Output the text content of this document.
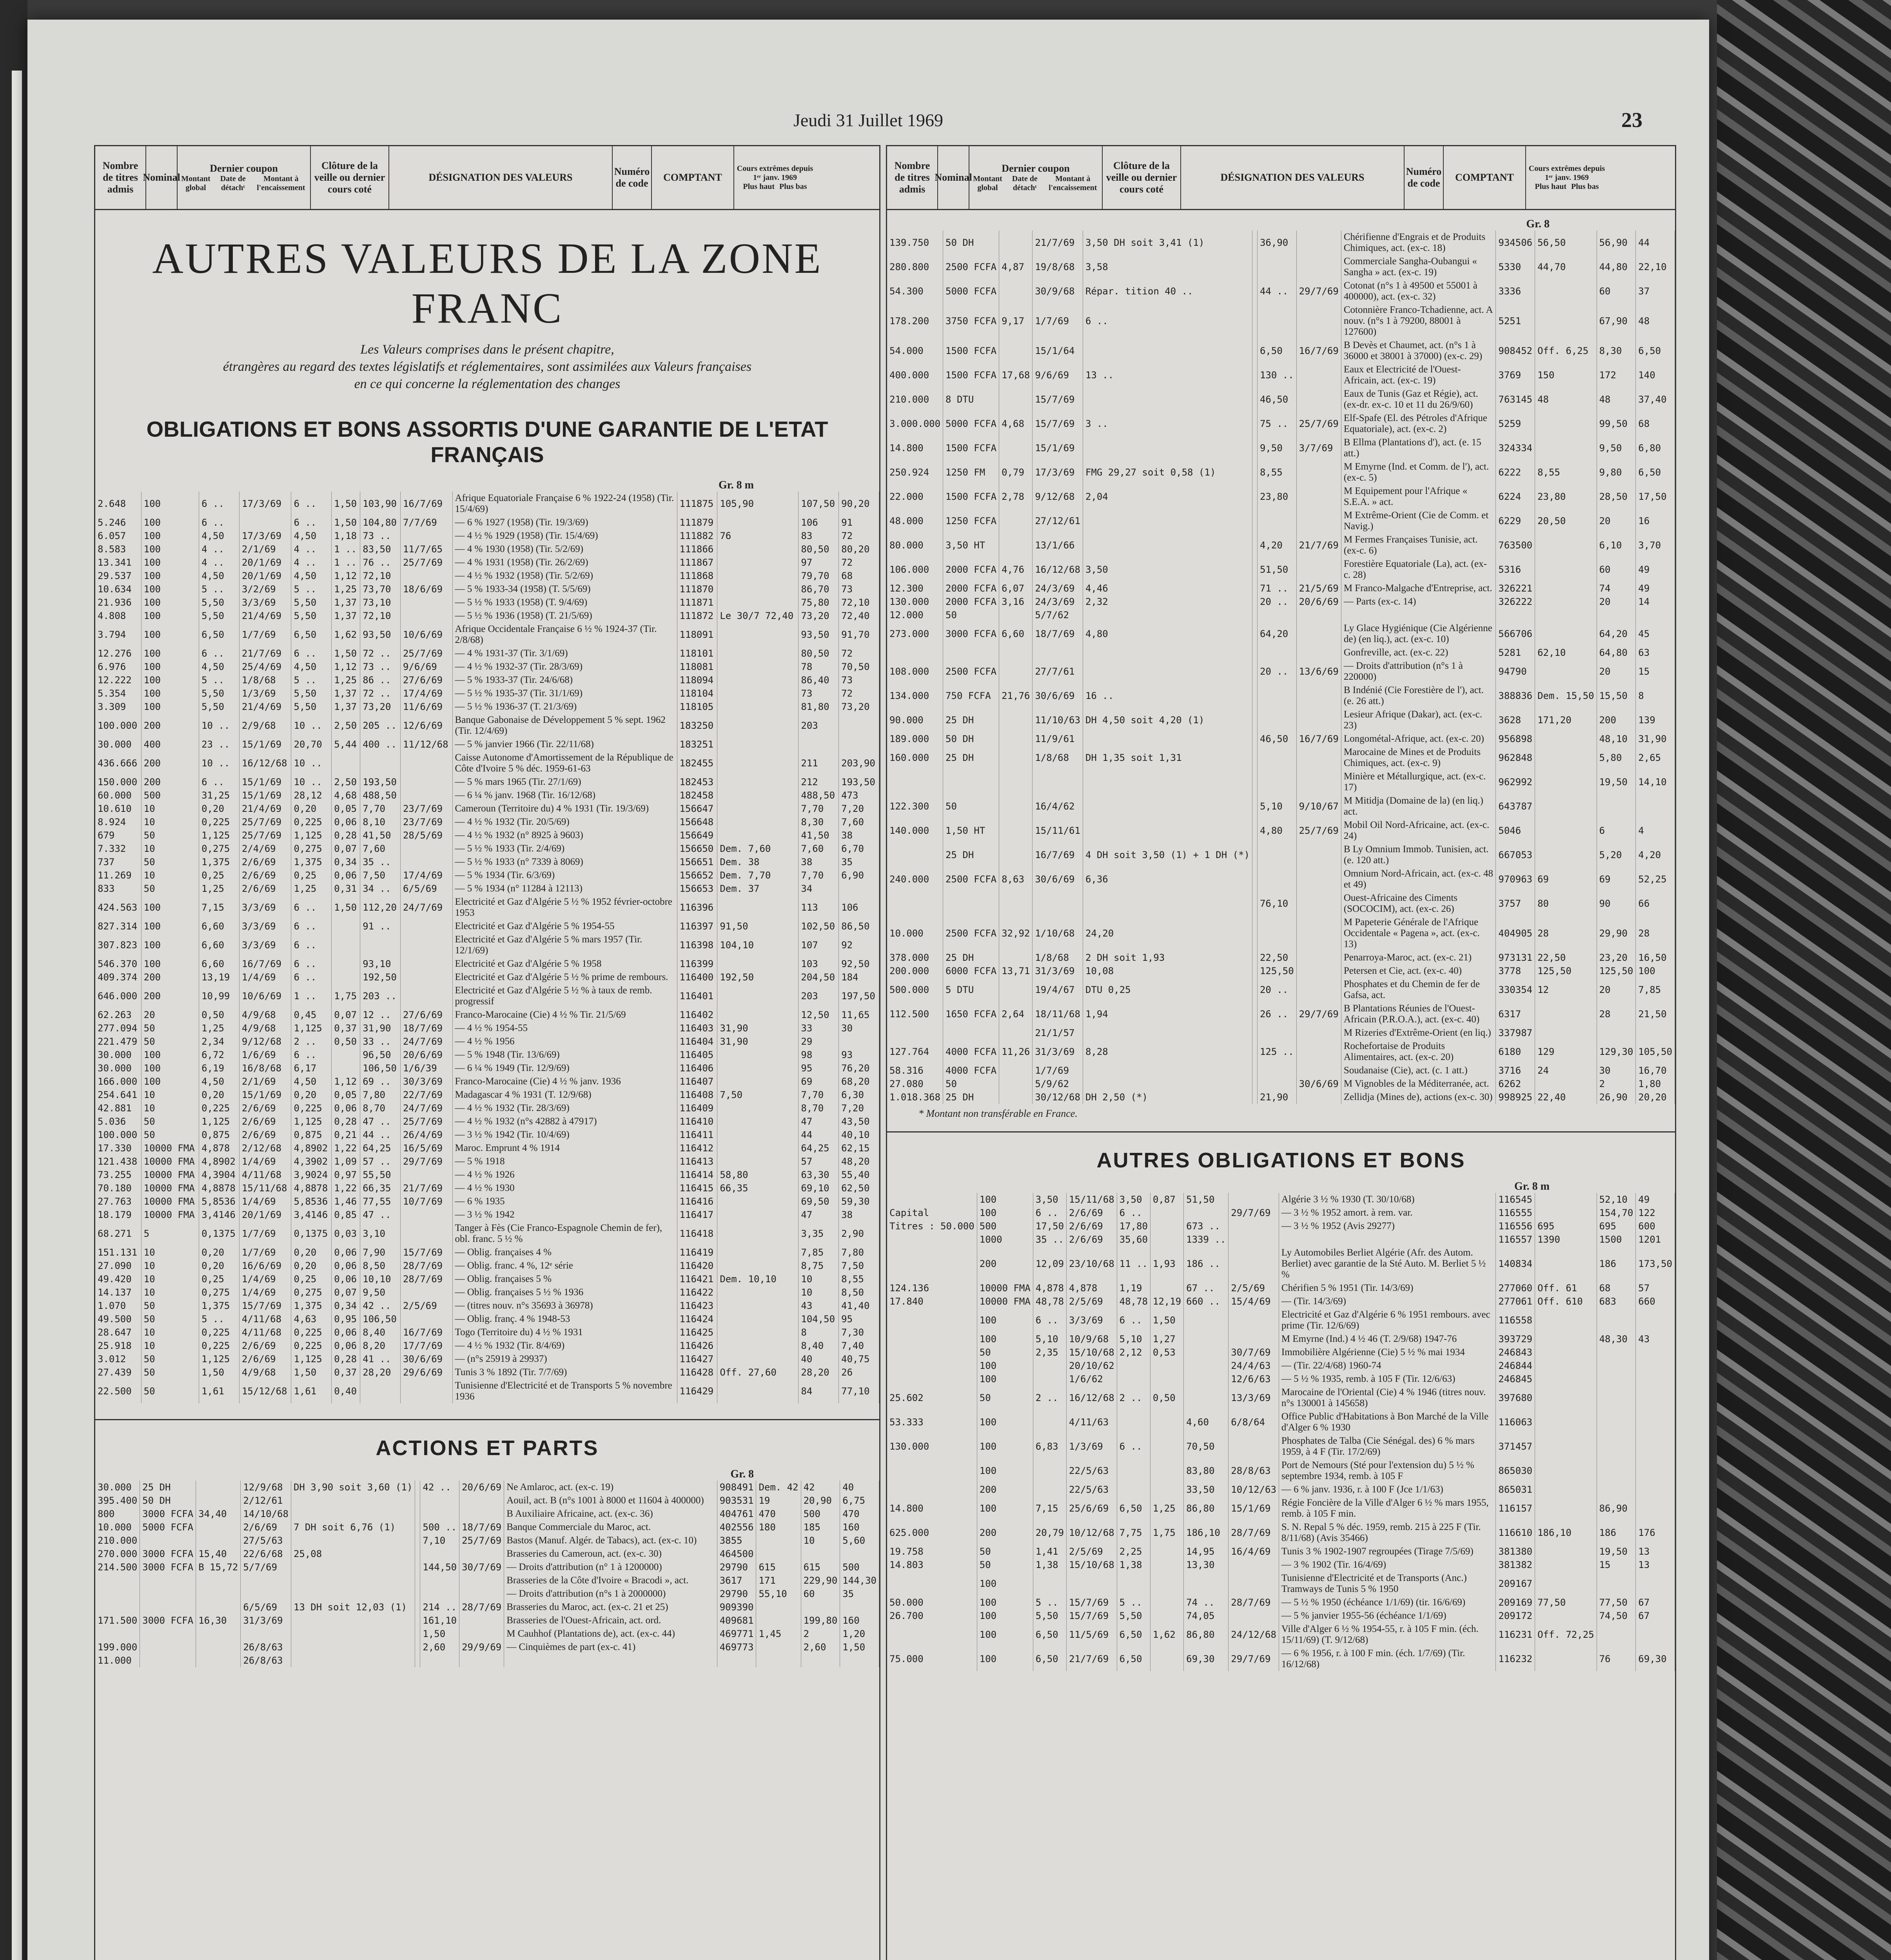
Jeudi 31 Juillet 1969	23
Nombre de titres admis
Nominal
Dernier coupon
Montant global
Date de détachᵗ
Montant à l'encaissement
Clôture de la veille ou dernier cours coté
DÉSIGNATION DES VALEURS
Numéro de code
COMPTANT
Cours extrêmes depuis 1ᵉʳ janv. 1969
Plus haut Plus bas
AUTRES VALEURS DE LA ZONE FRANC
Les Valeurs comprises dans le présent chapitre,
étrangères au regard des textes législatifs et réglementaires, sont assimilées aux Valeurs françaises
en ce qui concerne la réglementation des changes
OBLIGATIONS ET BONS ASSORTIS D'UNE GARANTIE DE L'ETAT FRANÇAIS
Gr. 8 m
2.648	100	6 ..	17/3/69	6 ..	1,50	103,90	16/7/69	Afrique Equatoriale Française 6 % 1922-24 (1958) (Tir. 15/4/69)	111875	105,90	107,50	90,20
5.246	100	6 ..		6 ..	1,50	104,80	7/7/69	— 6 % 1927 (1958) (Tir. 19/3/69)	111879		106	91
6.057	100	4,50	17/3/69	4,50	1,18	73 ..		— 4 ½ % 1929 (1958) (Tir. 15/4/69)	111882	76	83	72
8.583	100	4 ..	2/1/69	4 ..	1 ..	83,50	11/7/65	— 4 % 1930 (1958) (Tir. 5/2/69)	111866		80,50	80,20
13.341	100	4 ..	20/1/69	4 ..	1 ..	76 ..	25/7/69	— 4 % 1931 (1958) (Tir. 26/2/69)	111867		97	72
29.537	100	4,50	20/1/69	4,50	1,12	72,10		— 4 ½ % 1932 (1958) (Tir. 5/2/69)	111868		79,70	68
10.634	100	5 ..	3/2/69	5 ..	1,25	73,70	18/6/69	— 5 % 1933-34 (1958) (T. 5/5/69)	111870		86,70	73
21.936	100	5,50	3/3/69	5,50	1,37	73,10		— 5 ½ % 1933 (1958) (T. 9/4/69)	111871		75,80	72,10
4.808	100	5,50	21/4/69	5,50	1,37	72,10		— 5 ½ % 1936 (1958) (T. 21/5/69)	111872	Le 30/7 72,40	73,20	72,40
3.794	100	6,50	1/7/69	6,50	1,62	93,50	10/6/69	Afrique Occidentale Française 6 ½ % 1924-37 (Tir. 2/8/68)	118091		93,50	91,70
12.276	100	6 ..	21/7/69	6 ..	1,50	72 ..	25/7/69	— 4 % 1931-37 (Tir. 3/1/69)	118101		80,50	72
6.976	100	4,50	25/4/69	4,50	1,12	73 ..	9/6/69	— 4 ½ % 1932-37 (Tir. 28/3/69)	118081		78	70,50
12.222	100	5 ..	1/8/68	5 ..	1,25	86 ..	27/6/69	— 5 % 1933-37 (Tir. 24/6/68)	118094		86,40	73
5.354	100	5,50	1/3/69	5,50	1,37	72 ..	17/4/69	— 5 ½ % 1935-37 (Tir. 31/1/69)	118104		73	72
3.309	100	5,50	21/4/69	5,50	1,37	73,20	11/6/69	— 5 ½ % 1936-37 (T. 21/3/69)	118105		81,80	73,20
100.000	200	10 ..	2/9/68	10 ..	2,50	205 ..	12/6/69	Banque Gabonaise de Développement 5 % sept. 1962 (Tir. 12/4/69)	183250		203	
30.000	400	23 ..	15/1/69	20,70	5,44	400 ..	11/12/68	— 5 % janvier 1966 (Tir. 22/11/68)	183251			
436.666	200	10 ..	16/12/68	10 ..				Caisse Autonome d'Amortissement de la République de Côte d'Ivoire 5 % déc. 1959-61-63	182455		211	203,90
150.000	200	6 ..	15/1/69	10 ..	2,50	193,50		— 5 % mars 1965 (Tir. 27/1/69)	182453		212	193,50
60.000	500	31,25	15/1/69	28,12	4,68	488,50		— 6 ¼ % janv. 1968 (Tir. 16/12/68)	182458		488,50	473
10.610	10	0,20	21/4/69	0,20	0,05	7,70	23/7/69	Cameroun (Territoire du) 4 % 1931 (Tir. 19/3/69)	156647		7,70	7,20
8.924	10	0,225	25/7/69	0,225	0,06	8,10	23/7/69	— 4 ½ % 1932 (Tir. 20/5/69)	156648		8,30	7,60
679	50	1,125	25/7/69	1,125	0,28	41,50	28/5/69	— 4 ½ % 1932 (n° 8925 à 9603)	156649		41,50	38
7.332	10	0,275	2/4/69	0,275	0,07	7,60		— 5 ½ % 1933 (Tir. 2/4/69)	156650	Dem. 7,60	7,60	6,70
737	50	1,375	2/6/69	1,375	0,34	35 ..		— 5 ½ % 1933 (n° 7339 à 8069)	156651	Dem. 38	38	35
11.269	10	0,25	2/6/69	0,25	0,06	7,50	17/4/69	— 5 % 1934 (Tir. 6/3/69)	156652	Dem. 7,70	7,70	6,90
833	50	1,25	2/6/69	1,25	0,31	34 ..	6/5/69	— 5 % 1934 (n° 11284 à 12113)	156653	Dem. 37	34	
424.563	100	7,15	3/3/69	6 ..	1,50	112,20	24/7/69	Electricité et Gaz d'Algérie 5 ½ % 1952 février-octobre 1953	116396		113	106
827.314	100	6,60	3/3/69	6 ..		91 ..		Electricité et Gaz d'Algérie 5 % 1954-55	116397	91,50	102,50	86,50
307.823	100	6,60	3/3/69	6 ..				Electricité et Gaz d'Algérie 5 % mars 1957 (Tir. 12/1/69)	116398	104,10	107	92
546.370	100	6,60	16/7/69	6 ..		93,10		Electricité et Gaz d'Algérie 5 % 1958	116399		103	92,50
409.374	200	13,19	1/4/69	6 ..		192,50		Electricité et Gaz d'Algérie 5 ½ % prime de rembours.	116400	192,50	204,50	184
646.000	200	10,99	10/6/69	1 ..	1,75	203 ..		Electricité et Gaz d'Algérie 5 ½ % à taux de remb. progressif	116401		203	197,50
62.263	20	0,50	4/9/68	0,45	0,07	12 ..	27/6/69	Franco-Marocaine (Cie) 4 ½ % Tir. 21/5/69	116402		12,50	11,65
277.094	50	1,25	4/9/68	1,125	0,37	31,90	18/7/69	— 4 ½ % 1954-55	116403	31,90	33	30
221.479	50	2,34	9/12/68	2 ..	0,50	33 ..	24/7/69	— 4 ½ % 1956	116404	31,90	29	
30.000	100	6,72	1/6/69	6 ..		96,50	20/6/69	— 5 % 1948 (Tir. 13/6/69)	116405		98	93
30.000	100	6,19	16/8/68	6,17		106,50	1/6/39	— 6 ¼ % 1949 (Tir. 12/9/69)	116406		95	76,20
166.000	100	4,50	2/1/69	4,50	1,12	69 ..	30/3/69	Franco-Marocaine (Cie) 4 ½ % janv. 1936	116407		69	68,20
254.641	10	0,20	15/1/69	0,20	0,05	7,80	22/7/69	Madagascar 4 % 1931 (T. 12/9/68)	116408	7,50	7,70	6,30
42.881	10	0,225	2/6/69	0,225	0,06	8,70	24/7/69	— 4 ½ % 1932 (Tir. 28/3/69)	116409		8,70	7,20
5.036	50	1,125	2/6/69	1,125	0,28	47 ..	25/7/69	— 4 ½ % 1932 (n°s 42882 à 47917)	116410		47	43,50
100.000	50	0,875	2/6/69	0,875	0,21	44 ..	26/4/69	— 3 ½ % 1942 (Tir. 10/4/69)	116411		44	40,10
17.330	10000 FMA	4,878	2/12/68	4,8902	1,22	64,25	16/5/69	Maroc. Emprunt 4 % 1914	116412		64,25	62,15
121.438	10000 FMA	4,8902	1/4/69	4,3902	1,09	57 ..	29/7/69	— 5 % 1918	116413		57	48,20
73.255	10000 FMA	4,3904	4/11/68	3,9024	0,97	55,50		— 4 ½ % 1926	116414	58,80	63,30	55,40
70.180	10000 FMA	4,8878	15/11/68	4,8878	1,22	66,35	21/7/69	— 4 ½ % 1930	116415	66,35	69,10	62,50
27.763	10000 FMA	5,8536	1/4/69	5,8536	1,46	77,55	10/7/69	— 6 % 1935	116416		69,50	59,30
18.179	10000 FMA	3,4146	20/1/69	3,4146	0,85	47 ..		— 3 ½ % 1942	116417		47	38
68.271	5	0,1375	1/7/69	0,1375	0,03	3,10		Tanger à Fès (Cie Franco-Espagnole Chemin de fer), obl. franc. 5 ½ %	116418		3,35	2,90
151.131	10	0,20	1/7/69	0,20	0,06	7,90	15/7/69	— Oblig. françaises 4 %	116419		7,85	7,80
27.090	10	0,20	16/6/69	0,20	0,06	8,50	28/7/69	— Oblig. franc. 4 %, 12ᵉ série	116420		8,75	7,50
49.420	10	0,25	1/4/69	0,25	0,06	10,10	28/7/69	— Oblig. françaises 5 %	116421	Dem. 10,10	10	8,55
14.137	10	0,275	1/4/69	0,275	0,07	9,50		— Oblig. françaises 5 ½ % 1936	116422		10	8,50
1.070	50	1,375	15/7/69	1,375	0,34	42 ..	2/5/69	— (titres nouv. n°s 35693 à 36978)	116423		43	41,40
49.500	50	5 ..	4/11/68	4,63	0,95	106,50		— Oblig. franç. 4 % 1948-53	116424		104,50	95
28.647	10	0,225	4/11/68	0,225	0,06	8,40	16/7/69	Togo (Territoire du) 4 ½ % 1931	116425		8	7,30
25.918	10	0,225	2/6/69	0,225	0,06	8,20	17/7/69	— 4 ½ % 1932 (Tir. 8/4/69)	116426		8,40	7,40
3.012	50	1,125	2/6/69	1,125	0,28	41 ..	30/6/69	— (n°s 25919 à 29937)	116427		40	40,75
27.439	50	1,50	4/9/68	1,50	0,37	28,20	29/6/69	Tunis 3 % 1892 (Tir. 7/7/69)	116428	Off. 27,60	28,20	26
22.500	50	1,61	15/12/68	1,61	0,40			Tunisienne d'Electricité et de Transports 5 % novembre 1936	116429		84	77,10
ACTIONS ET PARTS
Gr. 8
30.000	25 DH		12/9/68	DH 3,90 soit 3,60 (1)		42 ..	20/6/69	Ne Amlaroc, act. (ex-c. 19)	908491	Dem. 42	42	40
395.400	50 DH		2/12/61					Aouil, act. B (n°s 1001 à 8000 et 11604 à 400000)	903531	19	20,90	6,75
800	3000 FCFA	34,40	14/10/68					B Auxiliaire Africaine, act. (ex-c. 36)	404761	470	500	470
10.000	5000 FCFA		2/6/69	7 DH soit 6,76 (1)		500 ..	18/7/69	Banque Commerciale du Maroc, act.	402556	180	185	160
210.000			27/5/63			7,10	25/7/69	Bastos (Manuf. Algér. de Tabacs), act. (ex-c. 10)	3855		10	5,60
270.000	3000 FCFA	15,40	22/6/68	25,08				Brasseries du Cameroun, act. (ex-c. 30)	464500			
214.500	3000 FCFA	B 15,72	5/7/69			144,50	30/7/69	— Droits d'attribution (n° 1 à 1200000)	29790	615	615	500
								Brasseries de la Côte d'Ivoire « Bracodi », act.	3617	171	229,90	144,30
								— Droits d'attribution (n°s 1 à 2000000)	29790	55,10	60	35
			6/5/69	13 DH soit 12,03 (1)		214 ..	28/7/69	Brasseries du Maroc, act. (ex-c. 21 et 25)	909390			
171.500	3000 FCFA	16,30	31/3/69			161,10		Brasseries de l'Ouest-Africain, act. ord.	409681		199,80	160
						1,50		M Cauhhof (Plantations de), act. (ex-c. 44)	469771	1,45	2	1,20
199.000			26/8/63			2,60	29/9/69	— Cinquièmes de part (ex-c. 41)	469773		2,60	1,50
11.000			26/8/63									
Nombre de titres admis
Nominal
Dernier coupon
Montant global
Date de détachᵗ
Montant à l'encaissement
Clôture de la veille ou dernier cours coté
DÉSIGNATION DES VALEURS
Numéro de code
COMPTANT
Cours extrêmes depuis 1ᵉʳ janv. 1969
Plus haut Plus bas
Gr. 8
139.750	50 DH		21/7/69	3,50 DH soit 3,41 (1)		36,90		Chérifienne d'Engrais et de Produits Chimiques, act. (ex-c. 18)	934506	56,50	56,90	44
280.800	2500 FCFA	4,87	19/8/68	3,58				Commerciale Sangha-Oubangui « Sangha » act. (ex-c. 19)	5330	44,70	44,80	22,10
54.300	5000 FCFA		30/9/68	Répar. tition 40 ..		44 ..	29/7/69	Cotonat (n°s 1 à 49500 et 55001 à 400000), act. (ex-c. 32)	3336		60	37
178.200	3750 FCFA	9,17	1/7/69	6 ..				Cotonnière Franco-Tchadienne, act. A nouv. (n°s 1 à 79200, 88001 à 127600)	5251		67,90	48
54.000	1500 FCFA		15/1/64			6,50	16/7/69	B Devès et Chaumet, act. (n°s 1 à 36000 et 38001 à 37000) (ex-c. 29)	908452	Off. 6,25	8,30	6,50
400.000	1500 FCFA	17,68	9/6/69	13 ..		130 ..		Eaux et Electricité de l'Ouest-Africain, act. (ex-c. 19)	3769	150	172	140
210.000	8 DTU		15/7/69			46,50		Eaux de Tunis (Gaz et Régie), act. (ex-dr. ex-c. 10 et 11 du 26/9/60)	763145	48	48	37,40
3.000.000	5000 FCFA	4,68	15/7/69	3 ..		75 ..	25/7/69	Elf-Spafe (El. des Pétroles d'Afrique Equatoriale), act. (ex-c. 2)	5259		99,50	68
14.800	1500 FCFA		15/1/69			9,50	3/7/69	B Ellma (Plantations d'), act. (e. 15 att.)	324334		9,50	6,80
250.924	1250 FM	0,79	17/3/69	FMG 29,27 soit 0,58 (1)		8,55		M Emyrne (Ind. et Comm. de l'), act. (ex-c. 5)	6222	8,55	9,80	6,50
22.000	1500 FCFA	2,78	9/12/68	2,04		23,80		M Equipement pour l'Afrique « S.E.A. » act.	6224	23,80	28,50	17,50
48.000	1250 FCFA		27/12/61					M Extrême-Orient (Cie de Comm. et Navig.)	6229	20,50	20	16
80.000	3,50 HT		13/1/66			4,20	21/7/69	M Fermes Françaises Tunisie, act. (ex-c. 6)	763500		6,10	3,70
106.000	2000 FCFA	4,76	16/12/68	3,50		51,50		Forestière Equatoriale (La), act. (ex-c. 28)	5316		60	49
12.300	2000 FCFA	6,07	24/3/69	4,46		71 ..	21/5/69	M Franco-Malgache d'Entreprise, act.	326221		74	49
130.000	2000 FCFA	3,16	24/3/69	2,32		20 ..	20/6/69	— Parts (ex-c. 14)	326222		20	14
12.000	50		5/7/62									
273.000	3000 FCFA	6,60	18/7/69	4,80		64,20		Ly Glace Hygiénique (Cie Algérienne de) (en liq.), act. (ex-c. 10)	566706		64,20	45
								Gonfreville, act. (ex-c. 22)	5281	62,10	64,80	63
108.000	2500 FCFA		27/7/61			20 ..	13/6/69	— Droits d'attribution (n°s 1 à 220000)	94790		20	15
134.000	750 FCFA	21,76	30/6/69	16 ..				B Indénié (Cie Forestière de l'), act. (e. 26 att.)	388836	Dem. 15,50	15,50	8
90.000	25 DH		11/10/63	DH 4,50 soit 4,20 (1)				Lesieur Afrique (Dakar), act. (ex-c. 23)	3628	171,20	200	139
189.000	50 DH		11/9/61			46,50	16/7/69	Longométal-Afrique, act. (ex-c. 20)	956898		48,10	31,90
160.000	25 DH		1/8/68	DH 1,35 soit 1,31				Marocaine de Mines et de Produits Chimiques, act. (ex-c. 9)	962848		5,80	2,65
								Minière et Métallurgique, act. (ex-c. 17)	962992		19,50	14,10
122.300	50		16/4/62			5,10	9/10/67	M Mitidja (Domaine de la) (en liq.) act.	643787			
140.000	1,50 HT		15/11/61			4,80	25/7/69	Mobil Oil Nord-Africaine, act. (ex-c. 24)	5046		6	4
	25 DH		16/7/69	4 DH soit 3,50 (1) + 1 DH (*)				B Ly Omnium Immob. Tunisien, act. (e. 120 att.)	667053		5,20	4,20
240.000	2500 FCFA	8,63	30/6/69	6,36				Omnium Nord-Africain, act. (ex-c. 48 et 49)	970963	69	69	52,25
						76,10		Ouest-Africaine des Ciments (SOCOCIM), act. (ex-c. 26)	3757	80	90	66
10.000	2500 FCFA	32,92	1/10/68	24,20				M Papeterie Générale de l'Afrique Occidentale « Pagena », act. (ex-c. 13)	404905	28	29,90	28
378.000	25 DH		1/8/68	2 DH soit 1,93		22,50		Penarroya-Maroc, act. (ex-c. 21)	973131	22,50	23,20	16,50
200.000	6000 FCFA	13,71	31/3/69	10,08		125,50		Petersen et Cie, act. (ex-c. 40)	3778	125,50	125,50	100
500.000	5 DTU		19/4/67	DTU 0,25		20 ..		Phosphates et du Chemin de fer de Gafsa, act.	330354	12	20	7,85
112.500	1650 FCFA	2,64	18/11/68	1,94		26 ..	29/7/69	B Plantations Réunies de l'Ouest-Africain (P.R.O.A.), act. (ex-c. 40)	6317		28	21,50
			21/1/57					M Rizeries d'Extrême-Orient (en liq.)	337987			
127.764	4000 FCFA	11,26	31/3/69	8,28		125 ..		Rochefortaise de Produits Alimentaires, act. (ex-c. 20)	6180	129	129,30	105,50
58.316	4000 FCFA		1/7/69					Soudanaise (Cie), act. (c. 1 att.)	3716	24	30	16,70
27.080	50		5/9/62				30/6/69	M Vignobles de la Méditerranée, act.	6262		2	1,80
1.018.368	25 DH		30/12/68	DH 2,50 (*)		21,90		Zellidja (Mines de), actions (ex-c. 30)	998925	22,40	26,90	20,20
* Montant non transférable en France.
AUTRES OBLIGATIONS ET BONS
Gr. 8 m
	100	3,50	15/11/68	3,50	0,87	51,50		Algérie 3 ½ % 1930 (T. 30/10/68)	116545		52,10	49
Capital	100	6 ..	2/6/69	6 ..			29/7/69	— 3 ½ % 1952 amort. à rem. var.	116555		154,70	122
Titres : 50.000	500	17,50	2/6/69	17,80		673 ..		— 3 ½ % 1952 (Avis 29277)	116556	695	695	600
	1000	35 ..	2/6/69	35,60		1339 ..			116557	1390	1500	1201
	200	12,09	23/10/68	11 ..	1,93	186 ..		Ly Automobiles Berliet Algérie (Afr. des Autom. Berliet) avec garantie de la Sté Auto. M. Berliet 5 ½ %	140834		186	173,50
124.136	10000 FMA	4,878	4,878	1,19		67 ..	2/5/69	Chérifien 5 % 1951 (Tir. 14/3/69)	277060	Off. 61	68	57
17.840	10000 FMA	48,78	2/5/69	48,78	12,19	660 ..	15/4/69	— (Tir. 14/3/69)	277061	Off. 610	683	660
	100	6 ..	3/3/69	6 ..	1,50			Electricité et Gaz d'Algérie 6 % 1951 rembours. avec prime (Tir. 12/6/69)	116558			
	100	5,10	10/9/68	5,10	1,27			M Emyrne (Ind.) 4 ½ 46 (T. 2/9/68) 1947-76	393729		48,30	43
	50	2,35	15/10/68	2,12	0,53		30/7/69	Immobilière Algérienne (Cie) 5 ½ % mai 1934	246843			
	100		20/10/62				24/4/63	— (Tir. 22/4/68) 1960-74	246844			
	100		1/6/62				12/6/63	— 5 ½ % 1935, remb. à 105 F (Tir. 12/6/63)	246845			
25.602	50	2 ..	16/12/68	2 ..	0,50		13/3/69	Marocaine de l'Oriental (Cie) 4 % 1946 (titres nouv. n°s 130001 à 145658)	397680			
53.333	100		4/11/63			4,60	6/8/64	Office Public d'Habitations à Bon Marché de la Ville d'Alger 6 % 1930	116063			
130.000	100	6,83	1/3/69	6 ..		70,50		Phosphates de Talba (Cie Sénégal. des) 6 % mars 1959, à 4 F (Tir. 17/2/69)	371457			
	100		22/5/63			83,80	28/8/63	Port de Nemours (Sté pour l'extension du) 5 ½ % septembre 1934, remb. à 105 F	865030			
	200		22/5/63			33,50	10/12/63	— 6 % janv. 1936, r. à 100 F (Jce 1/1/63)	865031			
14.800	100	7,15	25/6/69	6,50	1,25	86,80	15/1/69	Régie Foncière de la Ville d'Alger 6 ½ % mars 1955, remb. à 105 F min.	116157		86,90	
625.000	200	20,79	10/12/68	7,75	1,75	186,10	28/7/69	S. N. Repal 5 % déc. 1959, remb. 215 à 225 F (Tir. 8/11/68) (Avis 35466)	116610	186,10	186	176
19.758	50	1,41	2/5/69	2,25		14,95	16/4/69	Tunis 3 % 1902-1907 regroupées (Tirage 7/5/69)	381380		19,50	13
14.803	50	1,38	15/10/68	1,38		13,30		— 3 % 1902 (Tir. 16/4/69)	381382		15	13
	100							Tunisienne d'Electricité et de Transports (Anc.) Tramways de Tunis 5 % 1950	209167			
50.000	100	5 ..	15/7/69	5 ..		74 ..	28/7/69	— 5 ½ % 1950 (échéance 1/1/69) (tir. 16/6/69)	209169	77,50	77,50	67
26.700	100	5,50	15/7/69	5,50		74,05		— 5 % janvier 1955-56 (échéance 1/1/69)	209172		74,50	67
	100	6,50	11/5/69	6,50	1,62	86,80	24/12/68	Ville d'Alger 6 ½ % 1954-55, r. à 105 F min. (éch. 15/11/69) (T. 9/12/68)	116231	Off. 72,25		
75.000	100	6,50	21/7/69	6,50		69,30	29/7/69	— 6 % 1956, r. à 100 F min. (éch. 1/7/69) (Tir. 16/12/68)	116232		76	69,30
